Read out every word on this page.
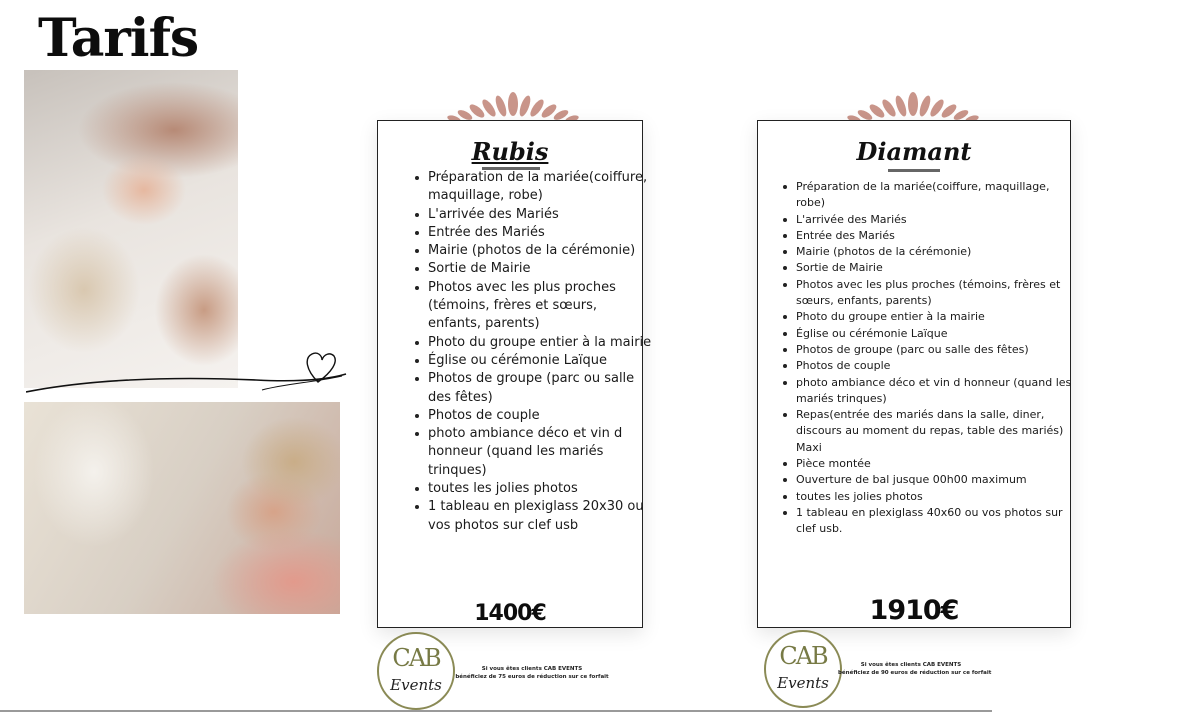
Tarifs
Rubis
Préparation de la mariée(coiffure, maquillage, robe)
L'arrivée des Mariés
Entrée des Mariés
Mairie (photos de la cérémonie)
Sortie de Mairie
Photos avec les plus proches (témoins, frères et sœurs, enfants, parents)
Photo du groupe entier à la mairie
Église ou cérémonie Laïque
Photos de groupe (parc ou salle des fêtes)
Photos de couple
photo ambiance déco et vin d honneur (quand les mariés trinques)
toutes les jolies photos
1 tableau en plexiglass 20x30 ou vos photos sur clef usb
1400€
CAB
Events
Si vous êtes clients CAB EVENTS
bénéficiez de 75 euros de réduction sur ce forfait
Diamant
Préparation de la mariée(coiffure, maquillage, robe)
L'arrivée des Mariés
Entrée des Mariés
Mairie (photos de la cérémonie)
Sortie de Mairie
Photos avec les plus proches (témoins, frères et sœurs, enfants, parents)
Photo du groupe entier à la mairie
Église ou cérémonie Laïque
Photos de groupe (parc ou salle des fêtes)
Photos de couple
photo ambiance déco et vin d honneur (quand les mariés trinques)
Repas(entrée des mariés dans la salle, diner, discours au moment du repas, table des mariés) Maxi
Pièce montée
Ouverture de bal jusque 00h00 maximum
toutes les jolies photos
1 tableau en plexiglass 40x60 ou vos photos sur clef usb.
1910€
CAB
Events
Si vous êtes clients CAB EVENTS
bénéficiez de 90 euros de réduction sur ce forfait
